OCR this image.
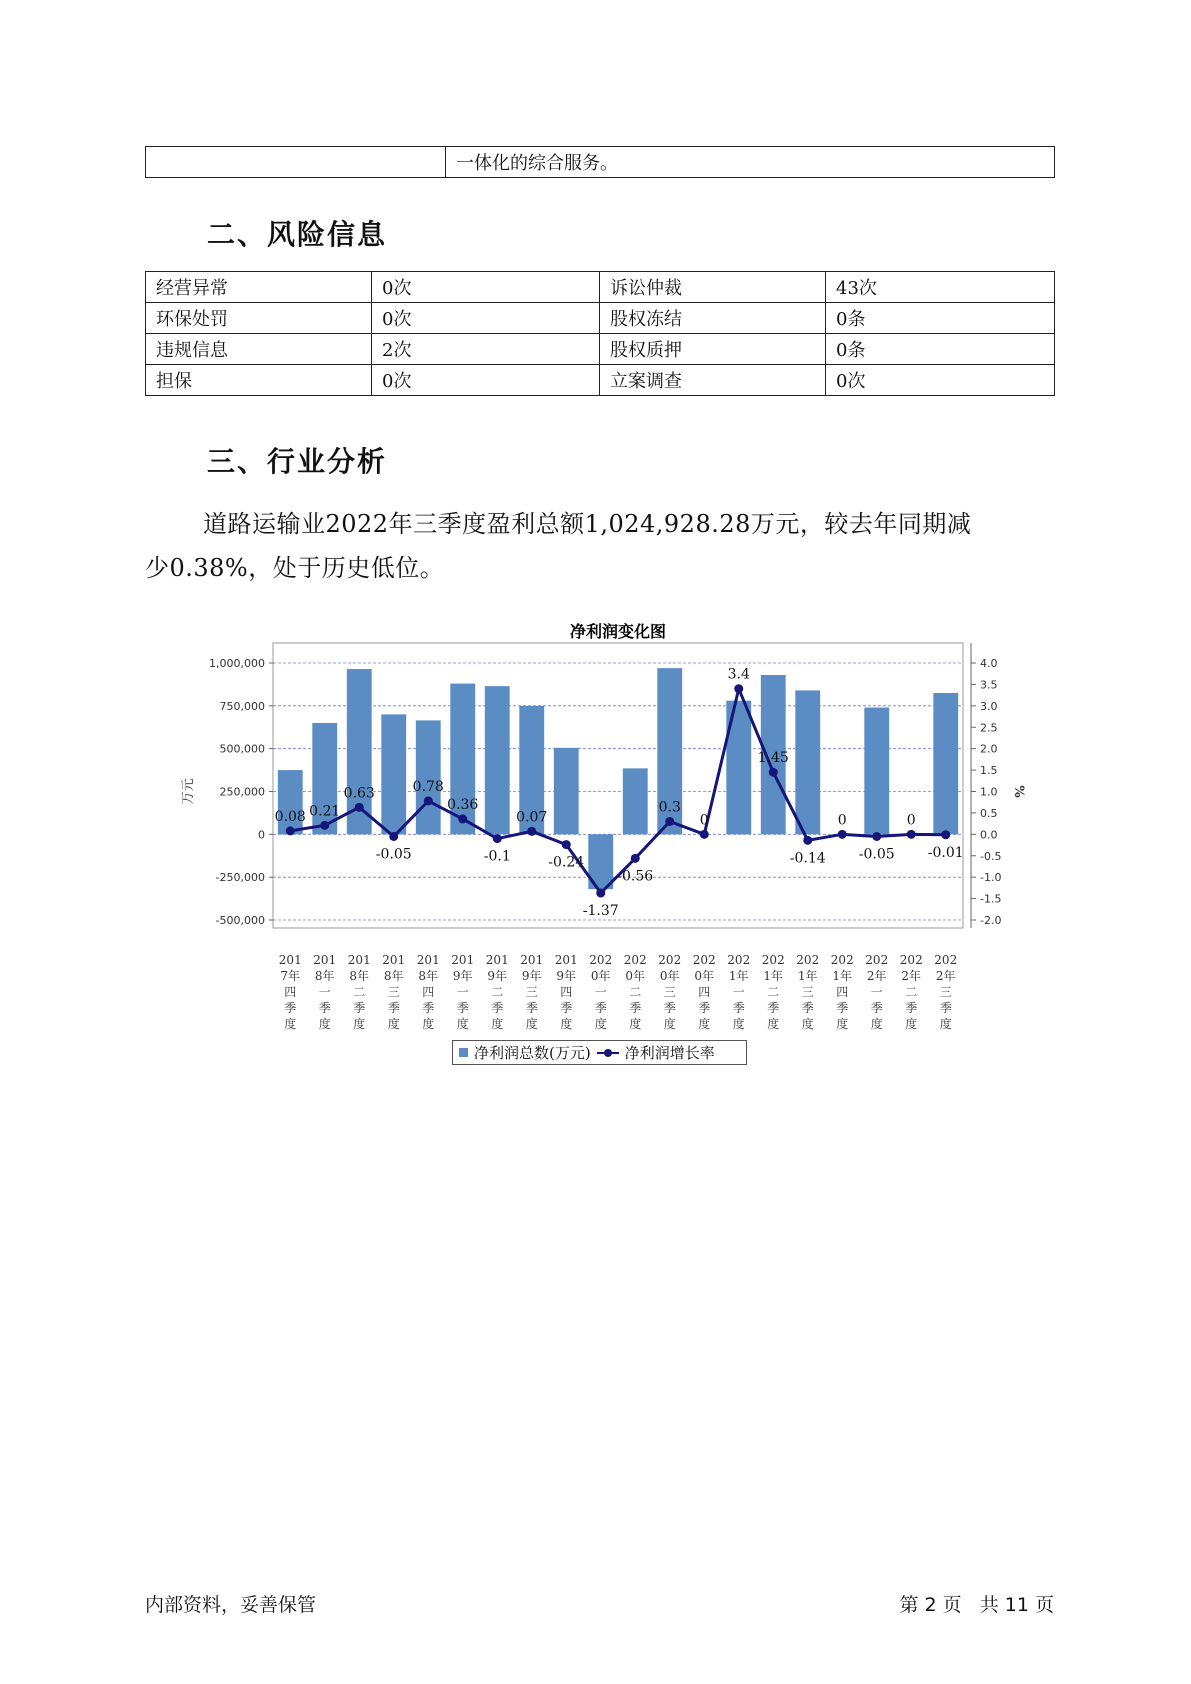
	一体化的综合服务。
二、风险信息
经营异常	0次	诉讼仲裁	43次
环保处罚	0次	股权冻结	0条
违规信息	2次	股权质押	0条
担保	0次	立案调查	0次
三、行业分析
道路运输业2022年三季度盈利总额1,024,928.28万元，较去年同期减
少0.38%，处于历史低位。
净利润变化图
1,000,000
750,000
500,000
250,000
0
-250,000
-500,000
万元
4.0
3.5
3.0
2.5
2.0
1.5
1.0
0.5
0.0
-0.5
-1.0
-1.5
-2.0
%
0.08 0.21
0.63
-0.05
0.78
0.36
-0.1
0.07
-0.24
-1.37
-0.56
0.3
0
3.4
1.45
-0.14
0
-0.05
0
-0.01
201
7年
四
季
度
201
8年
一
季
度
201
8年
二
季
度
201
8年
三
季
度
201
8年
四
季
度
201
9年
一
季
度
201
9年
二
季
度
201
9年
三
季
度
201
9年
四
季
度
202
0年
一
季
度
202
0年
二
季
度
202
0年
三
季
度
202
0年
四
季
度
202
1年
一
季
度
202
1年
二
季
度
202
1年
三
季
度
202
1年
四
季
度
202
2年
一
季
度
202
2年
二
季
度
202
2年
三
季
度
净利润总数(万元) 净利润增长率
内部资料，妥善保管	第 2 页   共 11 页
